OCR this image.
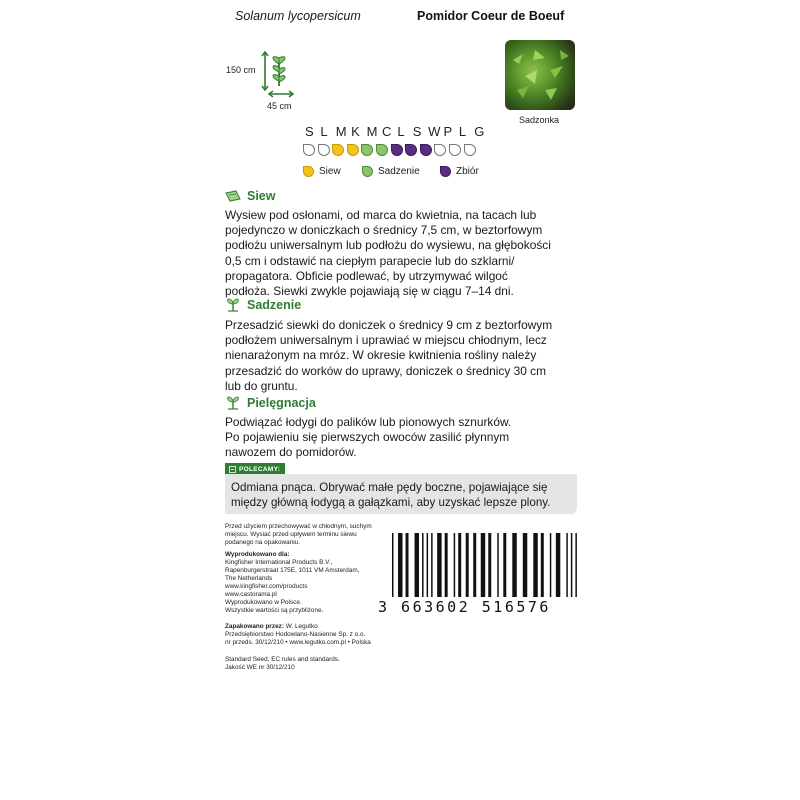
Solanum lycopersicum	Pomidor Coeur de Boeuf
150 cm
45 cm
Sadzonka
S L M K M C L S W P L G
Siew	Sadzenie	Zbiór
Siew
Wysiew pod osłonami, od marca do kwietnia, na tacach lub
pojedynczo w doniczkach o średnicy 7,5 cm, w beztorfowym
podłożu uniwersalnym lub podłożu do wysiewu, na głębokości
0,5 cm i odstawić na ciepłym parapecie lub do szklarni/
propagatora. Obficie podlewać, by utrzymywać wilgoć
podłoża. Siewki zwykle pojawiają się w ciągu 7–14 dni.
Sadzenie
Przesadzić siewki do doniczek o średnicy 9 cm z beztorfowym
podłożem uniwersalnym i uprawiać w miejscu chłodnym, lecz
nienarażonym na mróz. W okresie kwitnienia rośliny należy
przesadzić do worków do uprawy, doniczek o średnicy 30 cm
lub do gruntu.
Pielęgnacja
Podwiązać łodygi do palików lub pionowych sznurków.
Po pojawieniu się pierwszych owoców zasilić płynnym
nawozem do pomidorów.
POLECAMY:
Odmiana pnąca. Obrywać małe pędy boczne, pojawiające się
między główną łodygą a gałązkami, aby uzyskać lepsze plony.
Przed użyciem przechowywać w chłodnym, suchym
miejscu. Wysiać przed upływem terminu siewu
podanego na opakowaniu.
Wyprodukowano dla:
Kingfisher International Products B.V.,
Rapenburgerstraat 175E, 1011 VM Amsterdam,
The Netherlands
www.kingfisher.com/products
www.castorama.pl
Wyprodukowano w Polsce.
Wszystkie wartości są przybliżone.
Zapakowano przez: W. Legutko
Przedsiębiorstwo Hodowlano-Nasienne Sp. z o.o.
nr przeds. 30/12/210 • www.legutko.com.pl • Polska
Standard Seed, EC rules and standards.
Jakość WE nr 30/12/210
3 663602 516576
